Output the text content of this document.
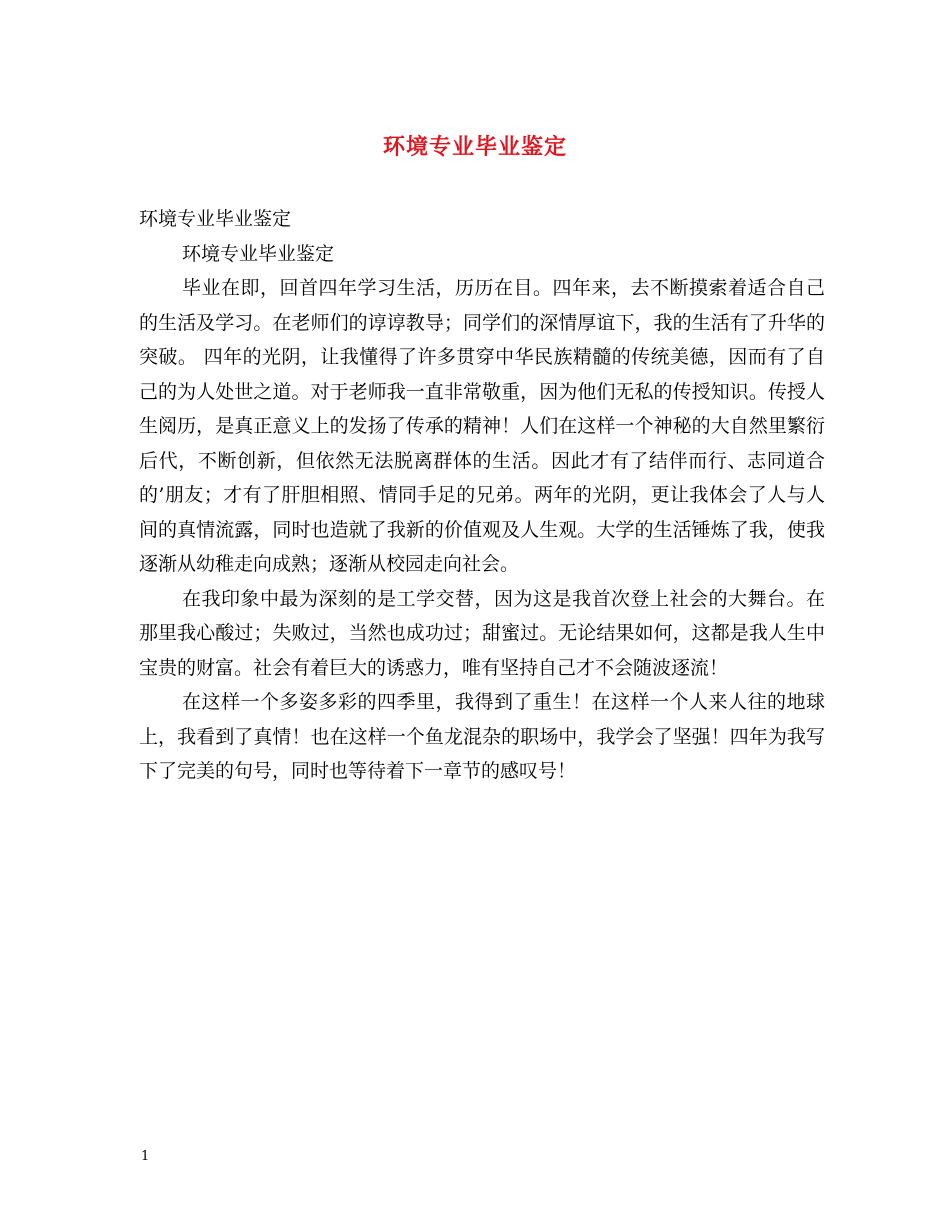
环境专业毕业鉴定

环境专业毕业鉴定

环境专业毕业鉴定

毕业在即，回首四年学习生活，历历在目。四年来，去不断摸索着适合自己的生活及学习。在老师们的谆谆教导；同学们的深情厚谊下，我的生活有了升华的突破。 四年的光阴，让我懂得了许多贯穿中华民族精髓的传统美德，因而有了自己的为人处世之道。对于老师我一直非常敬重，因为他们无私的传授知识。传授人生阅历，是真正意义上的发扬了传承的精神！人们在这样一个神秘的大自然里繁衍后代，不断创新，但依然无法脱离群体的生活。因此才有了结伴而行、志同道合的’朋友；才有了肝胆相照、情同手足的兄弟。两年的光阴，更让我体会了人与人间的真情流露，同时也造就了我新的价值观及人生观。大学的生活锤炼了我，使我逐渐从幼稚走向成熟；逐渐从校园走向社会。

在我印象中最为深刻的是工学交替，因为这是我首次登上社会的大舞台。在那里我心酸过；失败过，当然也成功过；甜蜜过。无论结果如何，这都是我人生中宝贵的财富。社会有着巨大的诱惑力，唯有坚持自己才不会随波逐流！

在这样一个多姿多彩的四季里，我得到了重生！在这样一个人来人往的地球上，我看到了真情！也在这样一个鱼龙混杂的职场中，我学会了坚强！四年为我写下了完美的句号，同时也等待着下一章节的感叹号！

1
